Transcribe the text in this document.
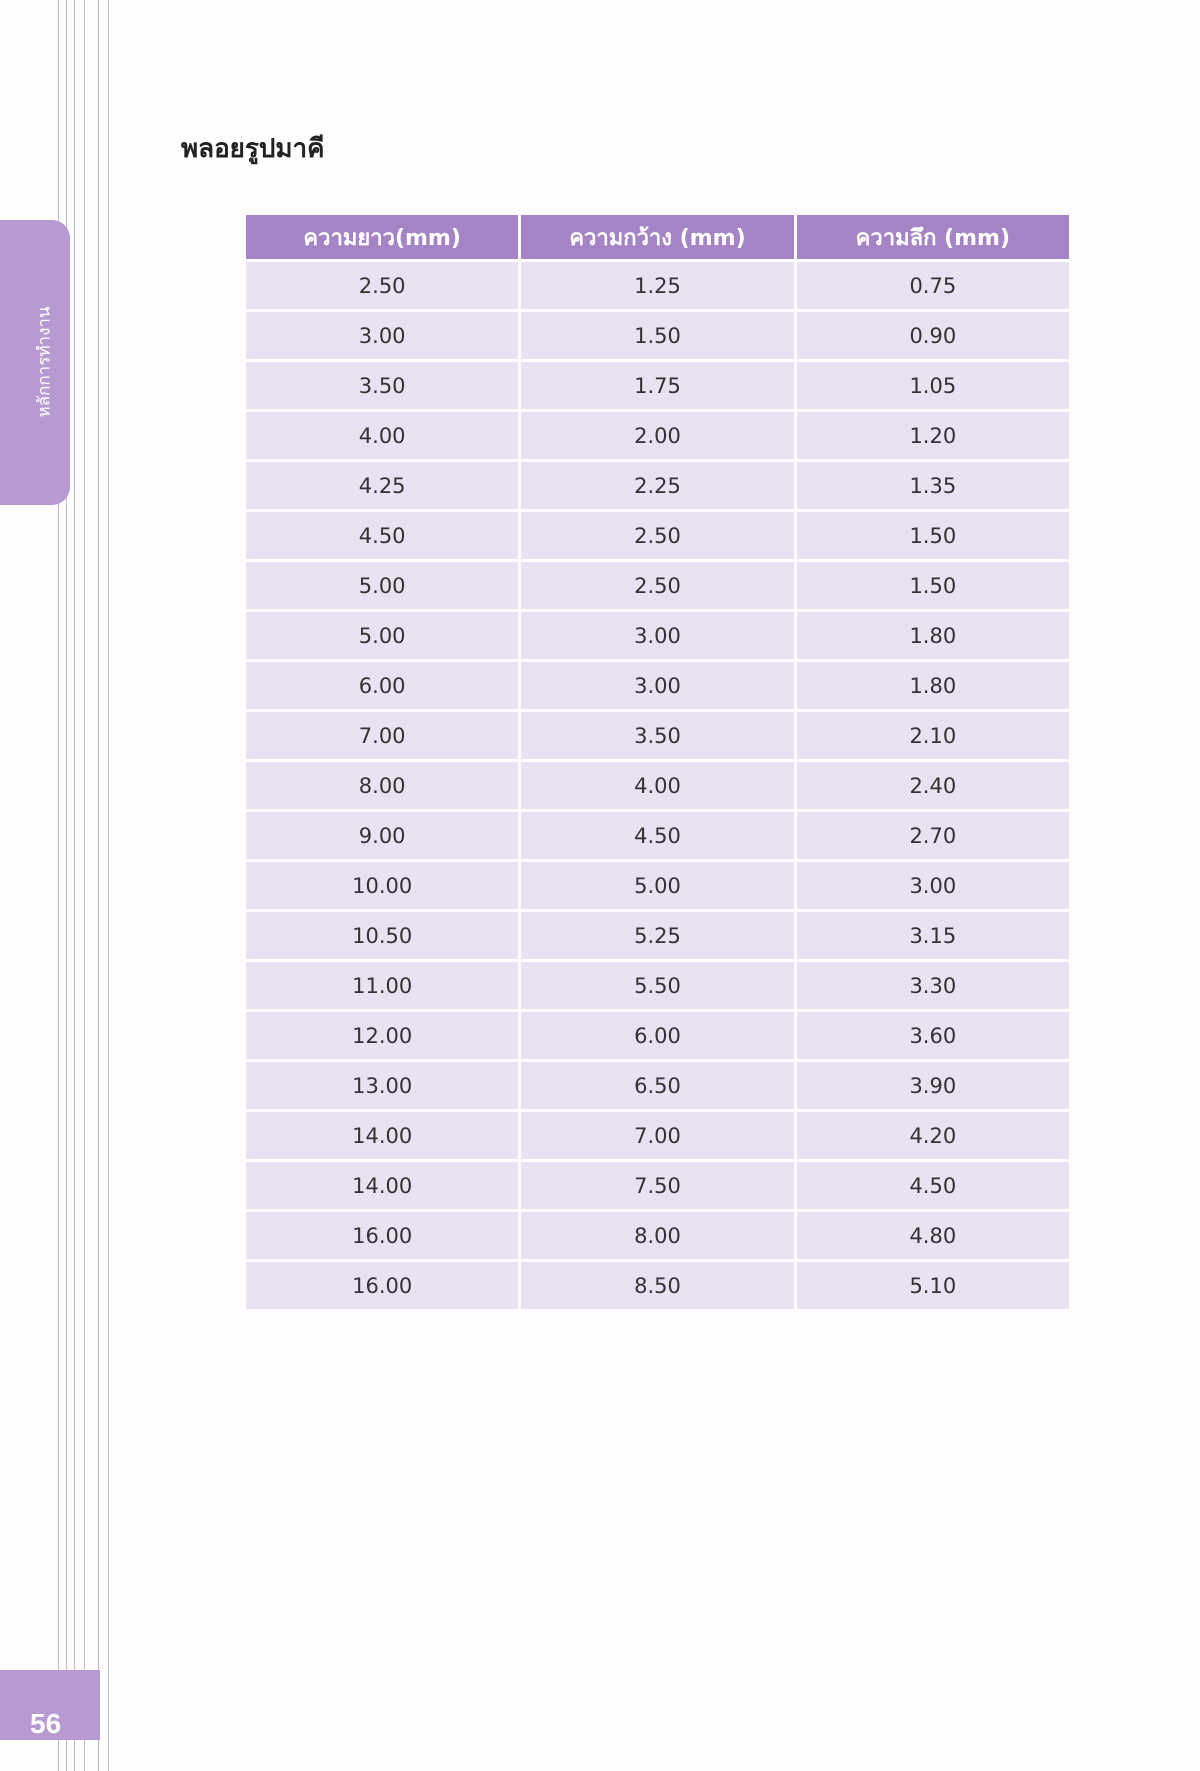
หลักการทำงาน
56
พลอยรูปมาคี
ความยาว(mm)	ความกว้าง (mm)	ความลึก (mm)
2.50	1.25	0.75
3.00	1.50	0.90
3.50	1.75	1.05
4.00	2.00	1.20
4.25	2.25	1.35
4.50	2.50	1.50
5.00	2.50	1.50
5.00	3.00	1.80
6.00	3.00	1.80
7.00	3.50	2.10
8.00	4.00	2.40
9.00	4.50	2.70
10.00	5.00	3.00
10.50	5.25	3.15
11.00	5.50	3.30
12.00	6.00	3.60
13.00	6.50	3.90
14.00	7.00	4.20
14.00	7.50	4.50
16.00	8.00	4.80
16.00	8.50	5.10
